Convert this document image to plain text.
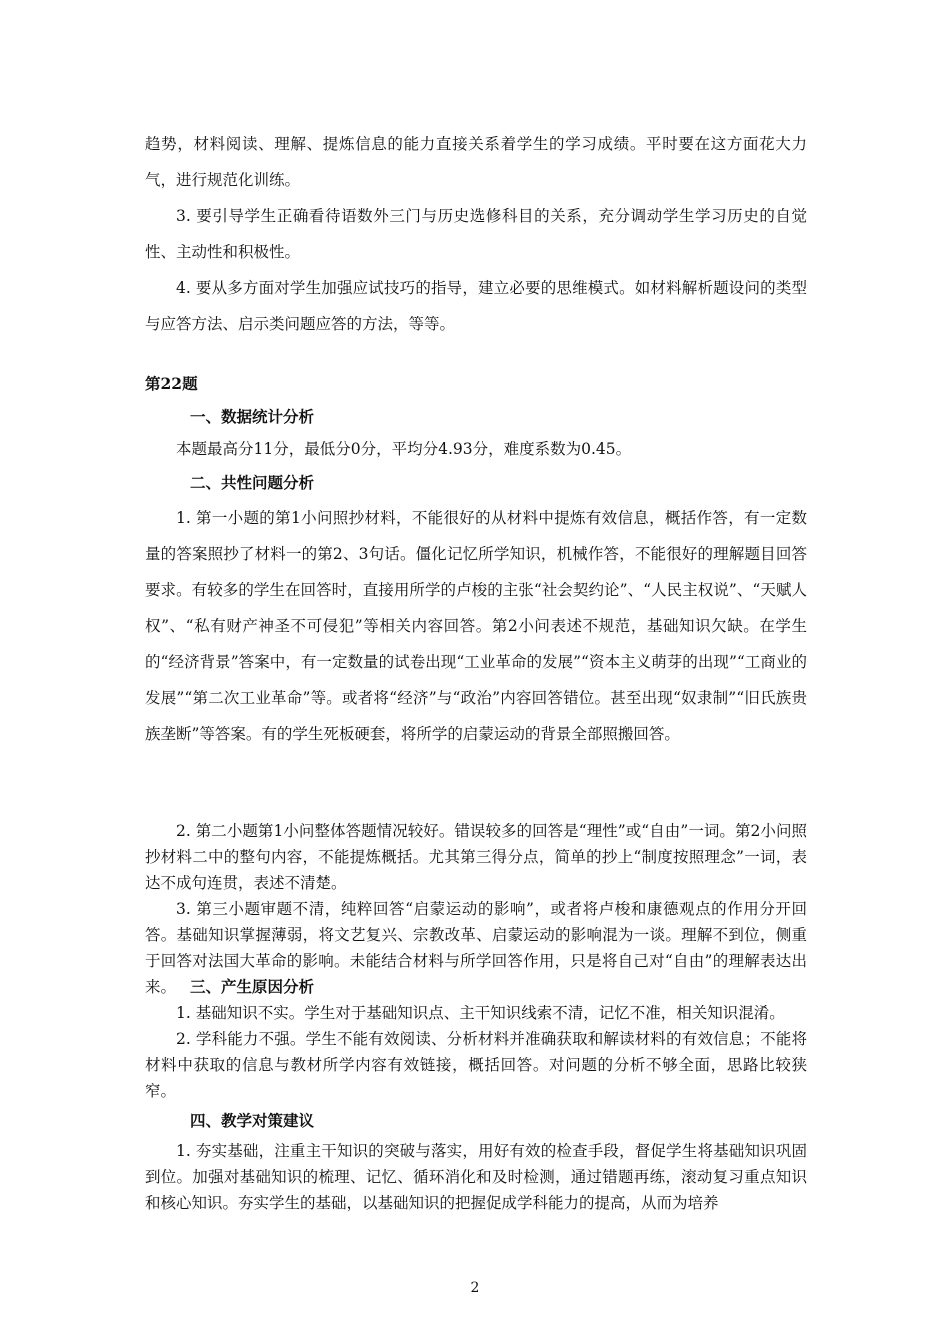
趋势，材料阅读、理解、提炼信息的能力直接关系着学生的学习成绩。平时要在这方面花大力气，进行规范化训练。

3. 要引导学生正确看待语数外三门与历史选修科目的关系，充分调动学生学习历史的自觉性、主动性和积极性。

4. 要从多方面对学生加强应试技巧的指导，建立必要的思维模式。如材料解析题设问的类型与应答方法、启示类问题应答的方法，等等。

第22题

一、数据统计分析

本题最高分11分，最低分0分，平均分4.93分，难度系数为0.45。

二、共性问题分析

1. 第一小题的第1小问照抄材料，不能很好的从材料中提炼有效信息，概括作答，有一定数量的答案照抄了材料一的第2、3句话。僵化记忆所学知识，机械作答，不能很好的理解题目回答要求。有较多的学生在回答时，直接用所学的卢梭的主张“社会契约论”、“人民主权说”、“天赋人权”、“私有财产神圣不可侵犯”等相关内容回答。第2小问表述不规范，基础知识欠缺。在学生的“经济背景”答案中，有一定数量的试卷出现“工业革命的发展”“资本主义萌芽的出现”“工商业的发展”“第二次工业革命”等。或者将“经济”与“政治”内容回答错位。甚至出现“奴隶制”“旧氏族贵族垄断”等答案。有的学生死板硬套，将所学的启蒙运动的背景全部照搬回答。

2. 第二小题第1小问整体答题情况较好。错误较多的回答是“理性”或“自由”一词。第2小问照抄材料二中的整句内容，不能提炼概括。尤其第三得分点，简单的抄上“制度按照理念”一词，表达不成句连贯，表述不清楚。

3. 第三小题审题不清，纯粹回答“启蒙运动的影响”，或者将卢梭和康德观点的作用分开回答。基础知识掌握薄弱，将文艺复兴、宗教改革、启蒙运动的影响混为一谈。理解不到位，侧重于回答对法国大革命的影响。未能结合材料与所学回答作用，只是将自己对“自由”的理解表达出来。 三、产生原因分析

1. 基础知识不实。学生对于基础知识点、主干知识线索不清，记忆不准，相关知识混淆。

2. 学科能力不强。学生不能有效阅读、分析材料并准确获取和解读材料的有效信息；不能将材料中获取的信息与教材所学内容有效链接，概括回答。对问题的分析不够全面，思路比较狭窄。

四、教学对策建议

1. 夯实基础，注重主干知识的突破与落实，用好有效的检查手段，督促学生将基础知识巩固到位。加强对基础知识的梳理、记忆、循环消化和及时检测，通过错题再练，滚动复习重点知识和核心知识。夯实学生的基础，以基础知识的把握促成学科能力的提高，从而为培养

2
